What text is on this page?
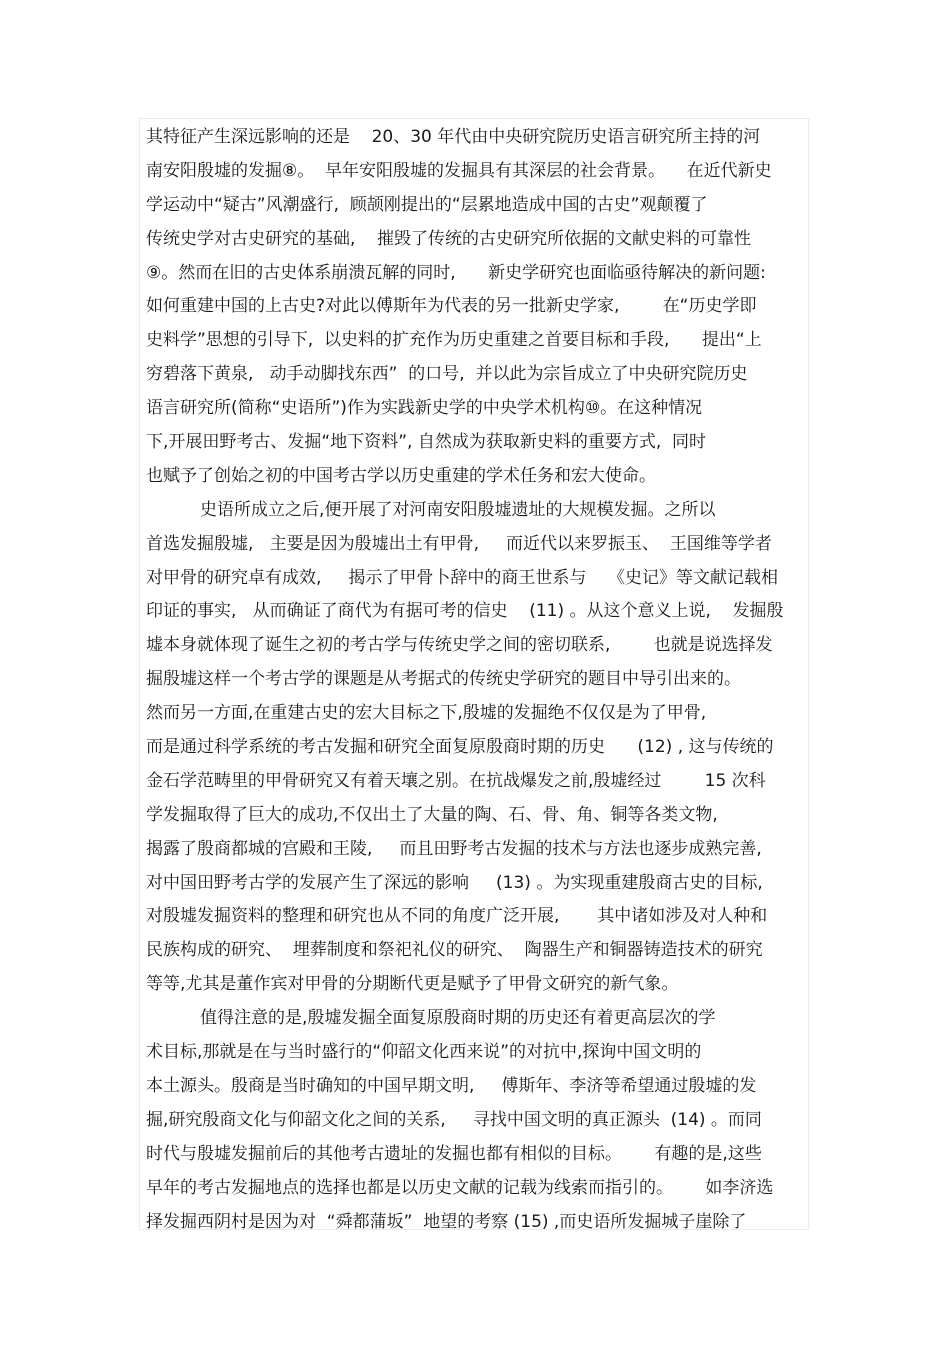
其特征产生深远影响的还是    20、30 年代由中央研究院历史语言研究所主持的河
南安阳殷墟的发掘⑧。  早年安阳殷墟的发掘具有其深层的社会背景。    在近代新史
学运动中“疑古”风潮盛行,  顾颉刚提出的“层累地造成中国的古史”观颠覆了
传统史学对古史研究的基础,    摧毁了传统的古史研究所依据的文献史料的可靠性
⑨。然而在旧的古史体系崩溃瓦解的同时,      新史学研究也面临亟待解决的新问题:
如何重建中国的上古史?对此以傅斯年为代表的另一批新史学家,        在“历史学即
史料学”思想的引导下,  以史料的扩充作为历史重建之首要目标和手段,      提出“上
穷碧落下黄泉,   动手动脚找东西”  的口号,  并以此为宗旨成立了中央研究院历史
语言研究所(简称“史语所”)作为实践新史学的中央学术机构⑩。在这种情况
下,开展田野考古、发掘“地下资料”, 自然成为获取新史料的重要方式,  同时
也赋予了创始之初的中国考古学以历史重建的学术任务和宏大使命。
史语所成立之后,便开展了对河南安阳殷墟遗址的大规模发掘。之所以
首选发掘殷墟,   主要是因为殷墟出土有甲骨,     而近代以来罗振玉、  王国维等学者
对甲骨的研究卓有成效,     揭示了甲骨卜辞中的商王世系与    《史记》等文献记载相
印证的事实,   从而确证了商代为有据可考的信史    (11) 。从这个意义上说,    发掘殷
墟本身就体现了诞生之初的考古学与传统史学之间的密切联系,        也就是说选择发
掘殷墟这样一个考古学的课题是从考据式的传统史学研究的题目中导引出来的。
然而另一方面,在重建古史的宏大目标之下,殷墟的发掘绝不仅仅是为了甲骨,
而是通过科学系统的考古发掘和研究全面复原殷商时期的历史      (12) , 这与传统的
金石学范畴里的甲骨研究又有着天壤之别。在抗战爆发之前,殷墟经过        15 次科
学发掘取得了巨大的成功,不仅出土了大量的陶、石、骨、角、铜等各类文物,
揭露了殷商都城的宫殿和王陵,     而且田野考古发掘的技术与方法也逐步成熟完善,
对中国田野考古学的发展产生了深远的影响     (13) 。为实现重建殷商古史的目标,
对殷墟发掘资料的整理和研究也从不同的角度广泛开展,       其中诸如涉及对人种和
民族构成的研究、  埋葬制度和祭祀礼仪的研究、  陶器生产和铜器铸造技术的研究
等等,尤其是董作宾对甲骨的分期断代更是赋予了甲骨文研究的新气象。
值得注意的是,殷墟发掘全面复原殷商时期的历史还有着更高层次的学
术目标,那就是在与当时盛行的“仰韶文化西来说”的对抗中,探询中国文明的
本土源头。殷商是当时确知的中国早期文明,     傅斯年、李济等希望通过殷墟的发
掘,研究殷商文化与仰韶文化之间的关系,     寻找中国文明的真正源头  (14) 。而同
时代与殷墟发掘前后的其他考古遗址的发掘也都有相似的目标。      有趣的是,这些
早年的考古发掘地点的选择也都是以历史文献的记载为线索而指引的。      如李济选
择发掘西阴村是因为对  “舜都蒲坂”  地望的考察 (15) ,而史语所发掘城子崖除了
